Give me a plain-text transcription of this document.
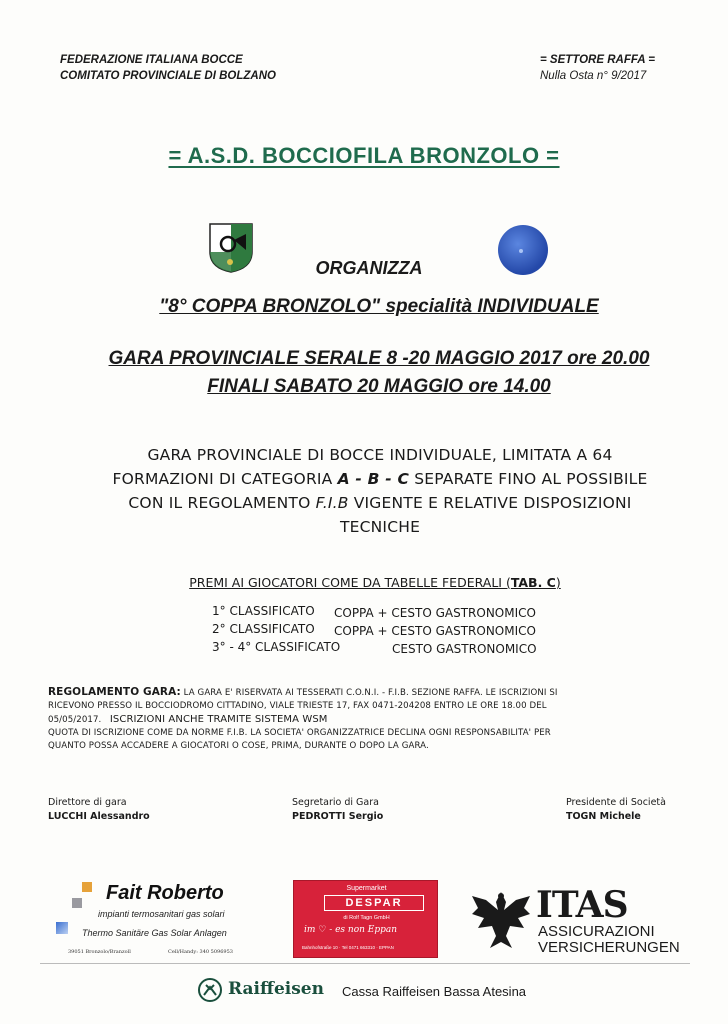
FEDERAZIONE ITALIANA BOCCE
COMITATO PROVINCIALE DI BOLZANO
= SETTORE RAFFA =
Nulla Osta n° 9/2017
= A.S.D. BOCCIOFILA BRONZOLO =
ORGANIZZA
"8° COPPA BRONZOLO" specialità INDIVIDUALE
GARA PROVINCIALE SERALE 8 -20 MAGGIO 2017 ore 20.00
FINALI SABATO 20 MAGGIO ore 14.00
GARA PROVINCIALE DI BOCCE INDIVIDUALE, LIMITATA A 64
FORMAZIONI DI CATEGORIA A - B - C SEPARATE FINO AL POSSIBILE
CON IL REGOLAMENTO F.I.B VIGENTE E RELATIVE DISPOSIZIONI
TECNICHE
PREMI AI GIOCATORI COME DA TABELLE FEDERALI (TAB. C)
1° CLASSIFICATO COPPA + CESTO GASTRONOMICO
2° CLASSIFICATO COPPA + CESTO GASTRONOMICO
3° - 4° CLASSIFICATO	CESTO GASTRONOMICO
REGOLAMENTO GARA: LA GARA E' RISERVATA AI TESSERATI C.O.N.I. - F.I.B. SEZIONE RAFFA. LE ISCRIZIONI SI
RICEVONO PRESSO IL BOCCIODROMO CITTADINO, VIALE TRIESTE 17, FAX 0471-204208 ENTRO LE ORE 18.00 DEL
05/05/2017. ISCRIZIONI ANCHE TRAMITE SISTEMA WSM
QUOTA DI ISCRIZIONE COME DA NORME F.I.B. LA SOCIETA' ORGANIZZATRICE DECLINA OGNI RESPONSABILITA' PER
QUANTO POSSA ACCADERE A GIOCATORI O COSE, PRIMA, DURANTE O DOPO LA GARA.
Direttore di gara
LUCCHI Alessandro
Segretario di Gara
PEDROTTI Sergio
Presidente di Società
TOGN Michele
Fait Roberto
impianti termosanitari gas solari
Thermo Sanitäre Gas Solar Anlagen
39051 Bronzolo/Branzoll	Cell/Handy: 340 5096953
Supermarket
DESPAR
di Rolf Tagn GmbH
im ♡ - es non Eppan
Bahnhofstraße 10 · Tel 0471 663310 · EPPAN
ITAS
ASSICURAZIONI
VERSICHERUNGEN
Raiffeisen Cassa Raiffeisen Bassa Atesina
